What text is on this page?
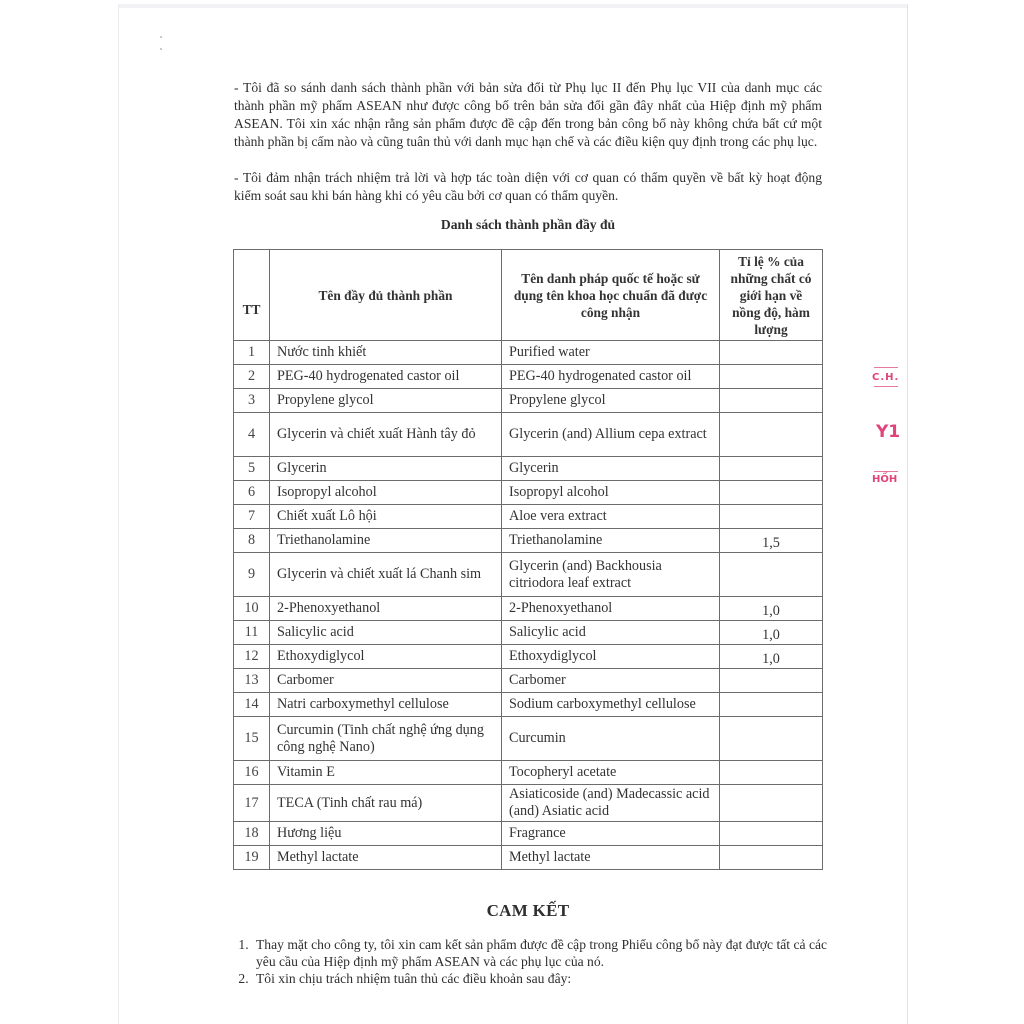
- Tôi đã so sánh danh sách thành phần với bản sửa đổi từ Phụ lục II đến Phụ lục VII của danh mục các thành phần mỹ phẩm ASEAN như được công bố trên bản sửa đổi gần đây nhất của Hiệp định mỹ phẩm ASEAN. Tôi xin xác nhận rằng sản phẩm được đề cập đến trong bản công bố này không chứa bất cứ một thành phần bị cấm nào và cũng tuân thủ với danh mục hạn chế và các điều kiện quy định trong các phụ lục.
- Tôi đảm nhận trách nhiệm trả lời và hợp tác toàn diện với cơ quan có thẩm quyền về bất kỳ hoạt động kiểm soát sau khi bán hàng khi có yêu cầu bởi cơ quan có thẩm quyền.
Danh sách thành phần đầy đủ
TT	Tên đầy đủ thành phần	Tên danh pháp quốc tế hoặc sử dụng tên khoa học chuẩn đã được công nhận	Tỉ lệ % của những chất có giới hạn về nồng độ, hàm lượng
1	Nước tinh khiết	Purified water	
2	PEG-40 hydrogenated castor oil	PEG-40 hydrogenated castor oil	
3	Propylene glycol	Propylene glycol	
4	Glycerin và chiết xuất Hành tây đỏ	Glycerin (and) Allium cepa extract	
5	Glycerin	Glycerin	
6	Isopropyl alcohol	Isopropyl alcohol	
7	Chiết xuất Lô hội	Aloe vera extract	
8	Triethanolamine	Triethanolamine	1,5
9	Glycerin và chiết xuất lá Chanh sim	Glycerin (and) Backhousia citriodora leaf extract	
10	2-Phenoxyethanol	2-Phenoxyethanol	1,0
11	Salicylic acid	Salicylic acid	1,0
12	Ethoxydiglycol	Ethoxydiglycol	1,0
13	Carbomer	Carbomer	
14	Natri carboxymethyl cellulose	Sodium carboxymethyl cellulose	
15	Curcumin (Tinh chất nghệ ứng dụng công nghệ Nano)	Curcumin	
16	Vitamin E	Tocopheryl acetate	
17	TECA (Tinh chất rau má)	Asiaticoside (and) Madecassic acid (and) Asiatic acid	
18	Hương liệu	Fragrance	
19	Methyl lactate	Methyl lactate	
CAM KẾT
1. Thay mặt cho công ty, tôi xin cam kết sản phẩm được đề cập trong Phiếu công bố này đạt được tất cả các yêu cầu của Hiệp định mỹ phẩm ASEAN và các phụ lục của nó.
2. Tôi xin chịu trách nhiệm tuân thủ các điều khoản sau đây:
C.H.
Y1
HỒH
